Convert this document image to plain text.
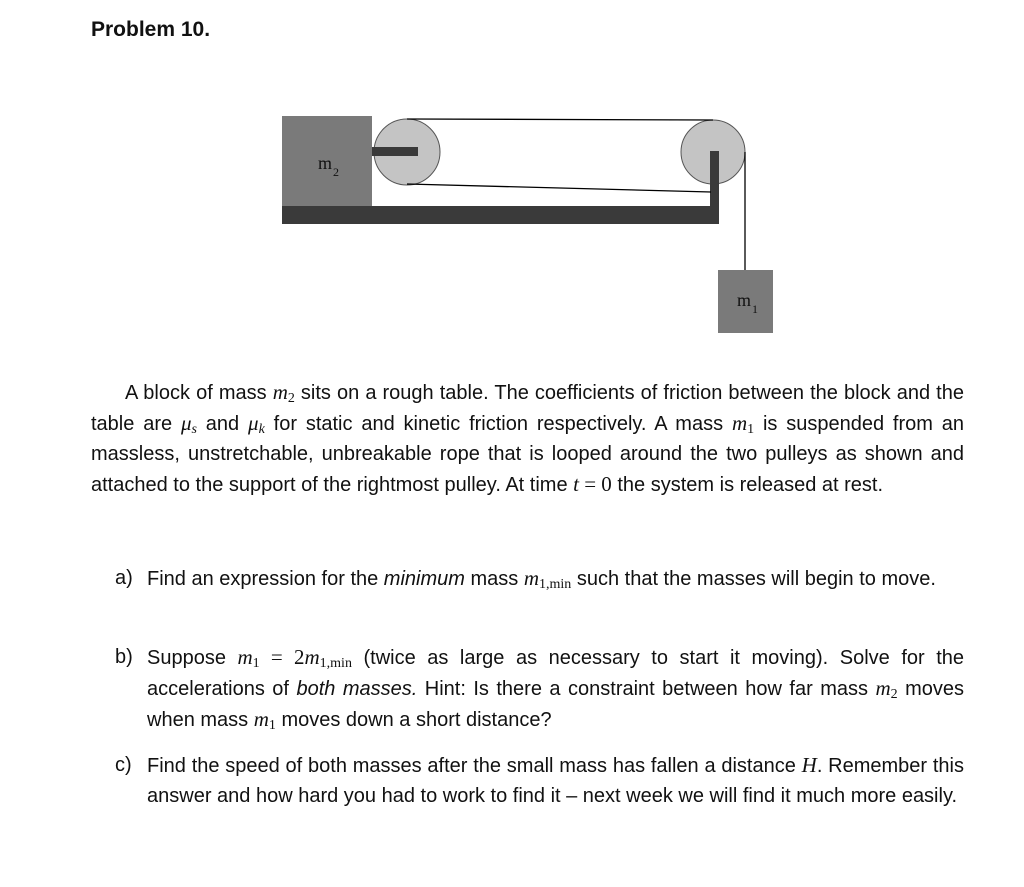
Problem 10.
m 2
m 1

A block of mass $m_2$ sits on a rough table. The coefficients of friction between the block and the table are $\mu_s$ and $\mu_k$ for static and kinetic friction respectively. A mass $m_1$ is suspended from an massless, unstretchable, unbreakable rope that is looped around the two pulleys as shown and attached to the support of the rightmost pulley. At time t = 0 the system is released at rest.

a) Find an expression for the minimum mass $m_{1,min}$ such that the masses will begin to move.
b) Suppose $m_1 = 2m_{1,min}$ (twice as large as necessary to start it moving). Solve for the accelerations of both masses. Hint: Is there a constraint between how far mass $m_2$ moves when mass $m_1$ moves down a short distance?
c) Find the speed of both masses after the small mass has fallen a distance H. Remember this answer and how hard you had to work to find it – next week we will find it much more easily.
